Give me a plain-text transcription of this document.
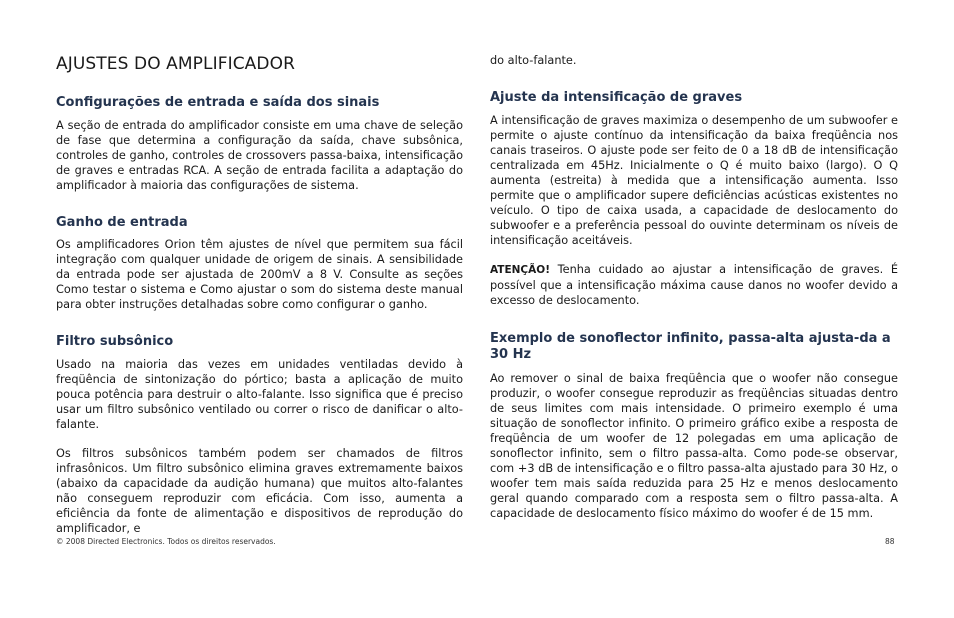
AJUSTES DO AMPLIFICADOR
Configurações de entrada e saída dos sinais

A seção de entrada do amplificador consiste em uma chave de seleção de fase que determina a configuração da saída, chave subsônica, controles de ganho, controles de crossovers passa-baixa, intensificação de graves e entradas RCA. A seção de entrada facilita a adaptação do amplificador à maioria das configurações de sistema.

Ganho de entrada

Os amplificadores Orion têm ajustes de nível que permitem sua fácil integração com qualquer unidade de origem de sinais. A sensibilidade da entrada pode ser ajustada de 200mV a 8 V. Consulte as seções Como testar o sistema e Como ajustar o som do sistema deste manual para obter instruções detalhadas sobre como configurar o ganho.

Filtro subsônico

Usado na maioria das vezes em unidades ventiladas devido à freqüência de sintonização do pórtico; basta a aplicação de muito pouca potência para destruir o alto-falante. Isso significa que é preciso usar um filtro subsônico ventilado ou correr o risco de danificar o alto-falante.

Os filtros subsônicos também podem ser chamados de filtros infrasônicos. Um filtro subsônico elimina graves extremamente baixos (abaixo da capacidade da audição humana) que muitos alto-falantes não conseguem reproduzir com eficácia. Com isso, aumenta a eficiência da fonte de alimentação e dispositivos de reprodução do amplificador, e

do alto-falante.

Ajuste da intensificação de graves

A intensificação de graves maximiza o desempenho de um subwoofer e permite o ajuste contínuo da intensificação da baixa freqüência nos canais traseiros. O ajuste pode ser feito de 0 a 18 dB de intensificação centralizada em 45Hz. Inicialmente o Q é muito baixo (largo). O Q aumenta (estreita) à medida que a intensificação aumenta. Isso permite que o amplificador supere deficiências acústicas existentes no veículo. O tipo de caixa usada, a capacidade de deslocamento do subwoofer e a preferência pessoal do ouvinte determinam os níveis de intensificação aceitáveis.

ATENÇÃO! Tenha cuidado ao ajustar a intensificação de graves. É possível que a intensificação máxima cause danos no woofer devido a excesso de deslocamento.

Exemplo de sonoflector infinito, passa-alta ajusta-da a 30 Hz

Ao remover o sinal de baixa freqüência que o woofer não consegue produzir, o woofer consegue reproduzir as freqüências situadas dentro de seus limites com mais intensidade. O primeiro exemplo é uma situação de sonoflector infinito. O primeiro gráfico exibe a resposta de freqüência de um woofer de 12 polegadas em uma aplicação de sonoflector infinito, sem o filtro passa-alta. Como pode-se observar, com +3 dB de intensificação e o filtro passa-alta ajustado para 30 Hz, o woofer tem mais saída reduzida para 25 Hz e menos deslocamento geral quando comparado com a resposta sem o filtro passa-alta. A capacidade de deslocamento físico máximo do woofer é de 15 mm.

© 2008 Directed Electronics. Todos os direitos reservados.	88
